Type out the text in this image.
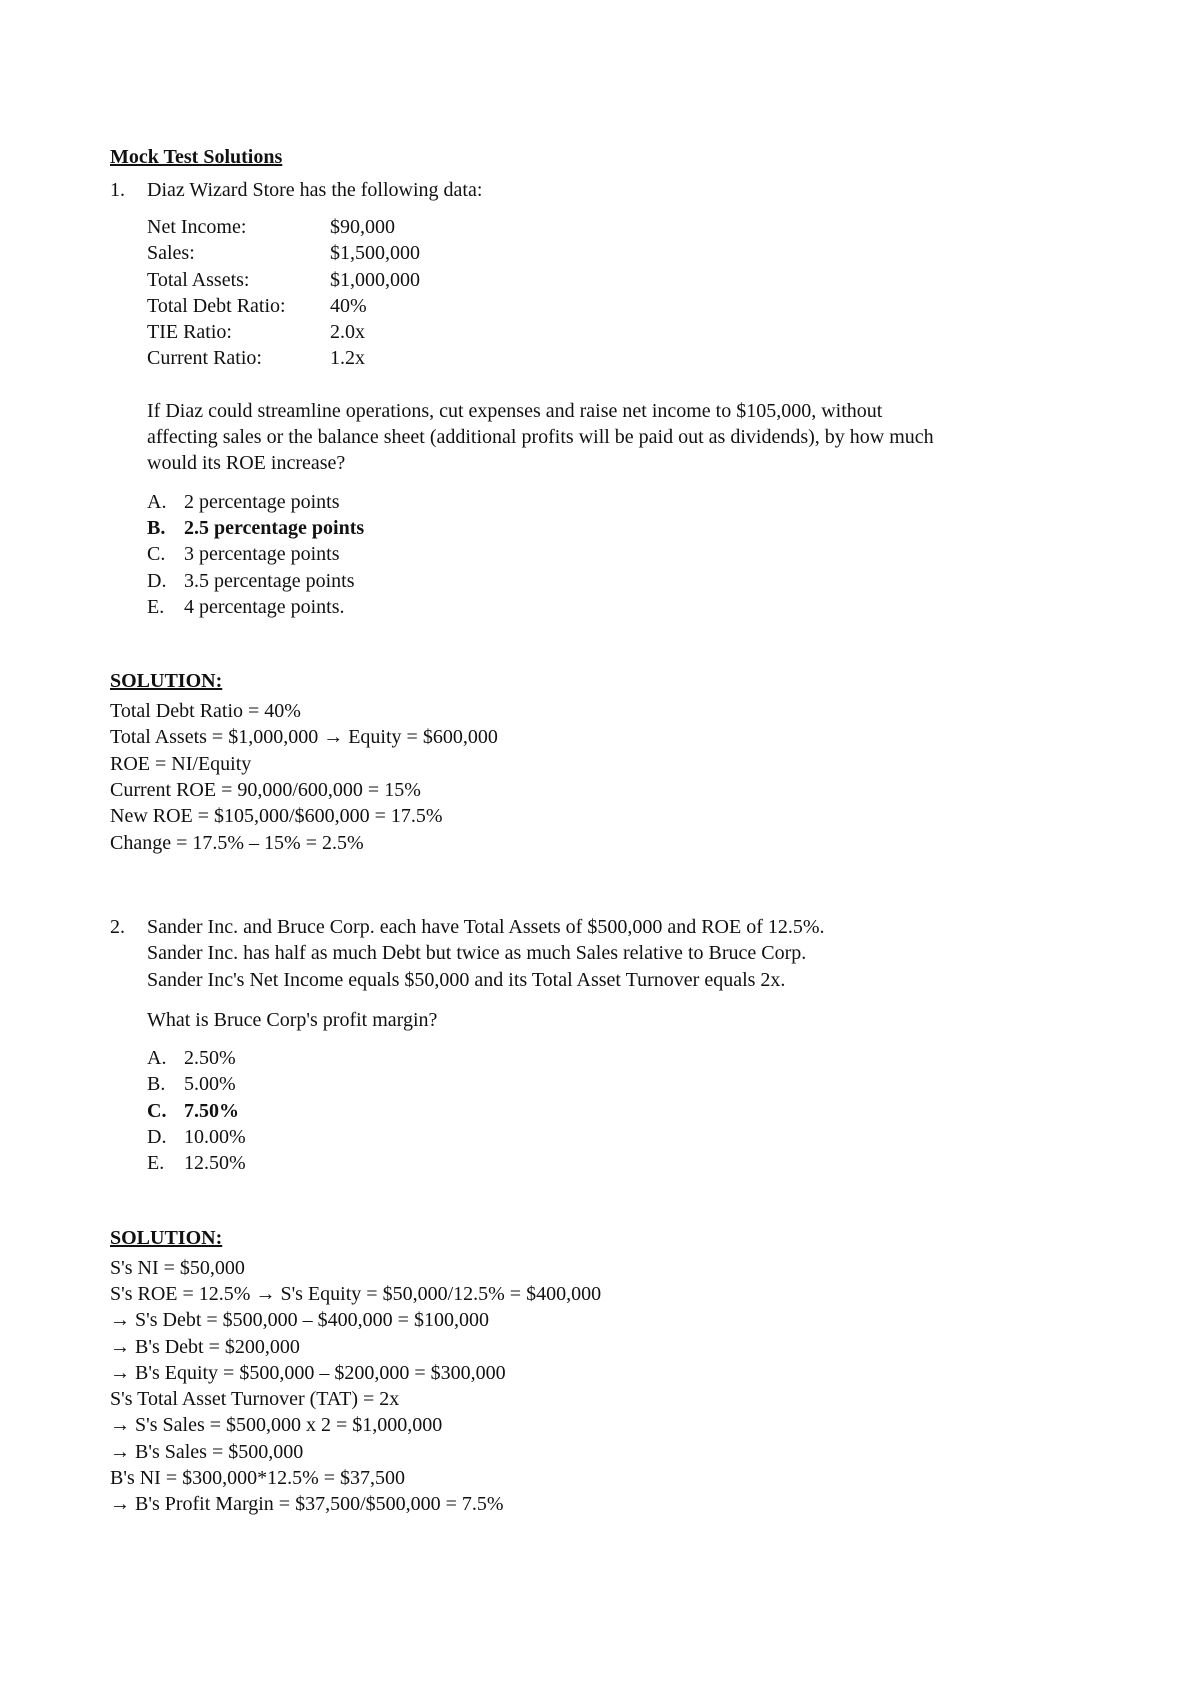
Mock Test Solutions
1.	Diaz Wizard Store has the following data:
Net Income:	$90,000
Sales:	$1,500,000
Total Assets:	$1,000,000
Total Debt Ratio:	40%
TIE Ratio:	2.0x
Current Ratio:	1.2x
If Diaz could streamline operations, cut expenses and raise net income to $105,000, without
affecting sales or the balance sheet (additional profits will be paid out as dividends), by how much
would its ROE increase?
A. 2 percentage points
B. 2.5 percentage points
C. 3 percentage points
D. 3.5 percentage points
E. 4 percentage points.
SOLUTION:
Total Debt Ratio = 40%
Total Assets = $1,000,000 → Equity = $600,000
ROE = NI/Equity
Current ROE = 90,000/600,000 = 15%
New ROE = $105,000/$600,000 = 17.5%
Change = 17.5% – 15% = 2.5%
2.	Sander Inc. and Bruce Corp. each have Total Assets of $500,000 and ROE of 12.5%.
Sander Inc. has half as much Debt but twice as much Sales relative to Bruce Corp.
Sander Inc's Net Income equals $50,000 and its Total Asset Turnover equals 2x.
What is Bruce Corp's profit margin?
A. 2.50%
B. 5.00%
C. 7.50%
D. 10.00%
E. 12.50%
SOLUTION:
S's NI = $50,000
S's ROE = 12.5% → S's Equity = $50,000/12.5% = $400,000
→ S's Debt = $500,000 – $400,000 = $100,000
→ B's Debt = $200,000
→ B's Equity = $500,000 – $200,000 = $300,000
S's Total Asset Turnover (TAT) = 2x
→ S's Sales = $500,000 x 2 = $1,000,000
→ B's Sales = $500,000
B's NI = $300,000*12.5% = $37,500
→ B's Profit Margin = $37,500/$500,000 = 7.5%
